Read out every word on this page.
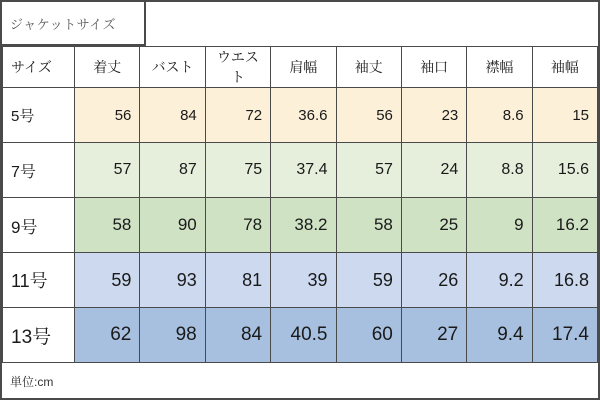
ジャケットサイズ
サイズ	着丈	バスト	ウエスト	肩幅	袖丈	袖口	襟幅	袖幅
5号	56	84	72	36.6	56	23	8.6	15
7号	57	87	75	37.4	57	24	8.8	15.6
9号	58	90	78	38.2	58	25	9	16.2
11号	59	93	81	39	59	26	9.2	16.8
13号	62	98	84	40.5	60	27	9.4	17.4
単位:cm
